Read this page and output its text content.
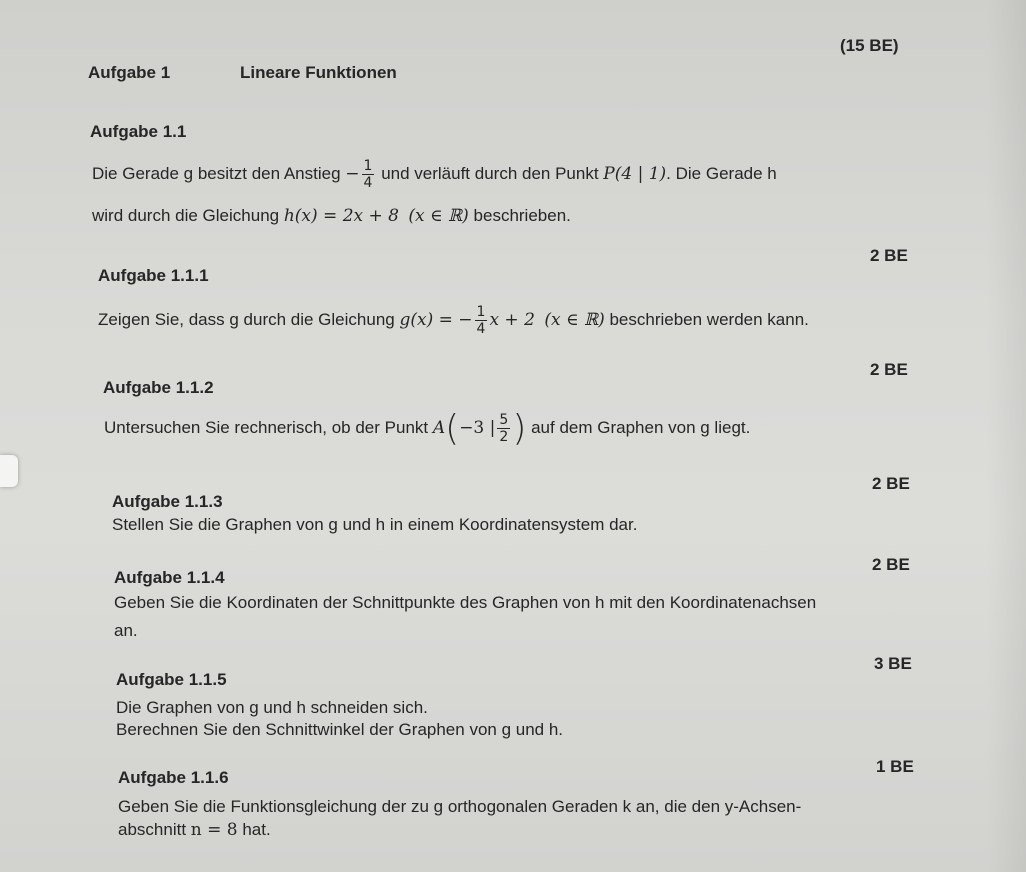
(15 BE)
Aufgabe 1	Lineare Funktionen
Aufgabe 1.1
Die Gerade g besitzt den Anstieg − $\frac{1}{4}$ und verläuft durch den Punkt P(4 | 1). Die Gerade h
wird durch die Gleichung h(x) = 2x + 8 (x ∈ ℝ) beschrieben.
2 BE
Aufgabe 1.1.1
Zeigen Sie, dass g durch die Gleichung g(x) = − $\frac{1}{4}$ x + 2 (x ∈ ℝ) beschrieben werden kann.
2 BE
Aufgabe 1.1.2
Untersuchen Sie rechnerisch, ob der Punkt A(−3 | $\frac{5}{2}$ ) auf dem Graphen von g liegt.
2 BE
Aufgabe 1.1.3
Stellen Sie die Graphen von g und h in einem Koordinatensystem dar.
2 BE
Aufgabe 1.1.4
Geben Sie die Koordinaten der Schnittpunkte des Graphen von h mit den Koordinatenachsen
an.
3 BE
Aufgabe 1.1.5
Die Graphen von g und h schneiden sich.
Berechnen Sie den Schnittwinkel der Graphen von g und h.
1 BE
Aufgabe 1.1.6
Geben Sie die Funktionsgleichung der zu g orthogonalen Geraden k an, die den y-Achsen-
abschnitt n = 8 hat.
